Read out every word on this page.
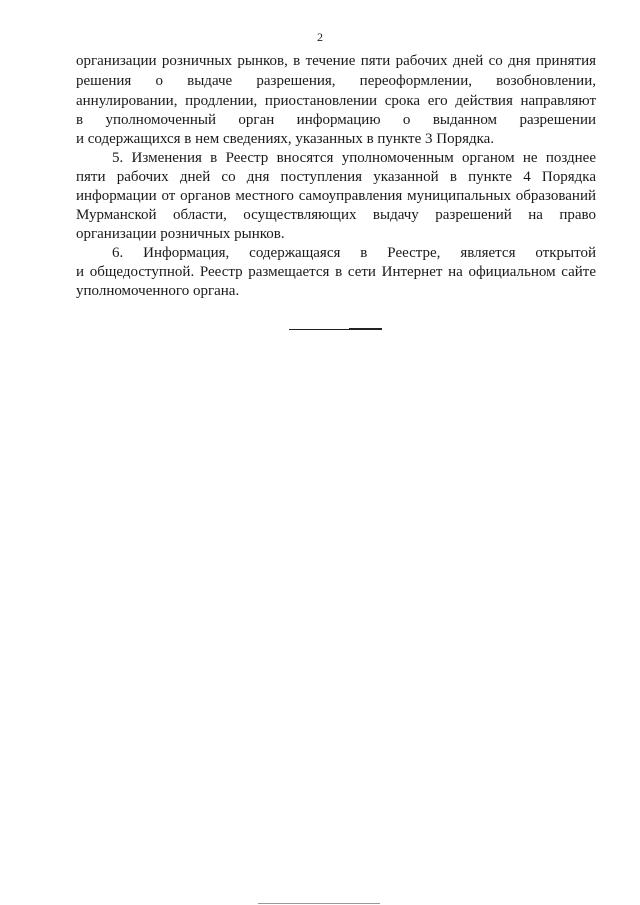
2
организации розничных рынков, в течение пяти рабочих дней со дня принятия
решения о выдаче разрешения, переоформлении, возобновлении,
аннулировании, продлении, приостановлении срока его действия направляют
в уполномоченный орган информацию о выданном разрешении
и содержащихся в нем сведениях, указанных в пункте 3 Порядка.
5. Изменения в Реестр вносятся уполномоченным органом не позднее
пяти рабочих дней со дня поступления указанной в пункте 4 Порядка
информации от органов местного самоуправления муниципальных образований
Мурманской области, осуществляющих выдачу разрешений на право
организации розничных рынков.
6. Информация, содержащаяся в Реестре, является открытой
и общедоступной. Реестр размещается в сети Интернет на официальном сайте
уполномоченного органа.
